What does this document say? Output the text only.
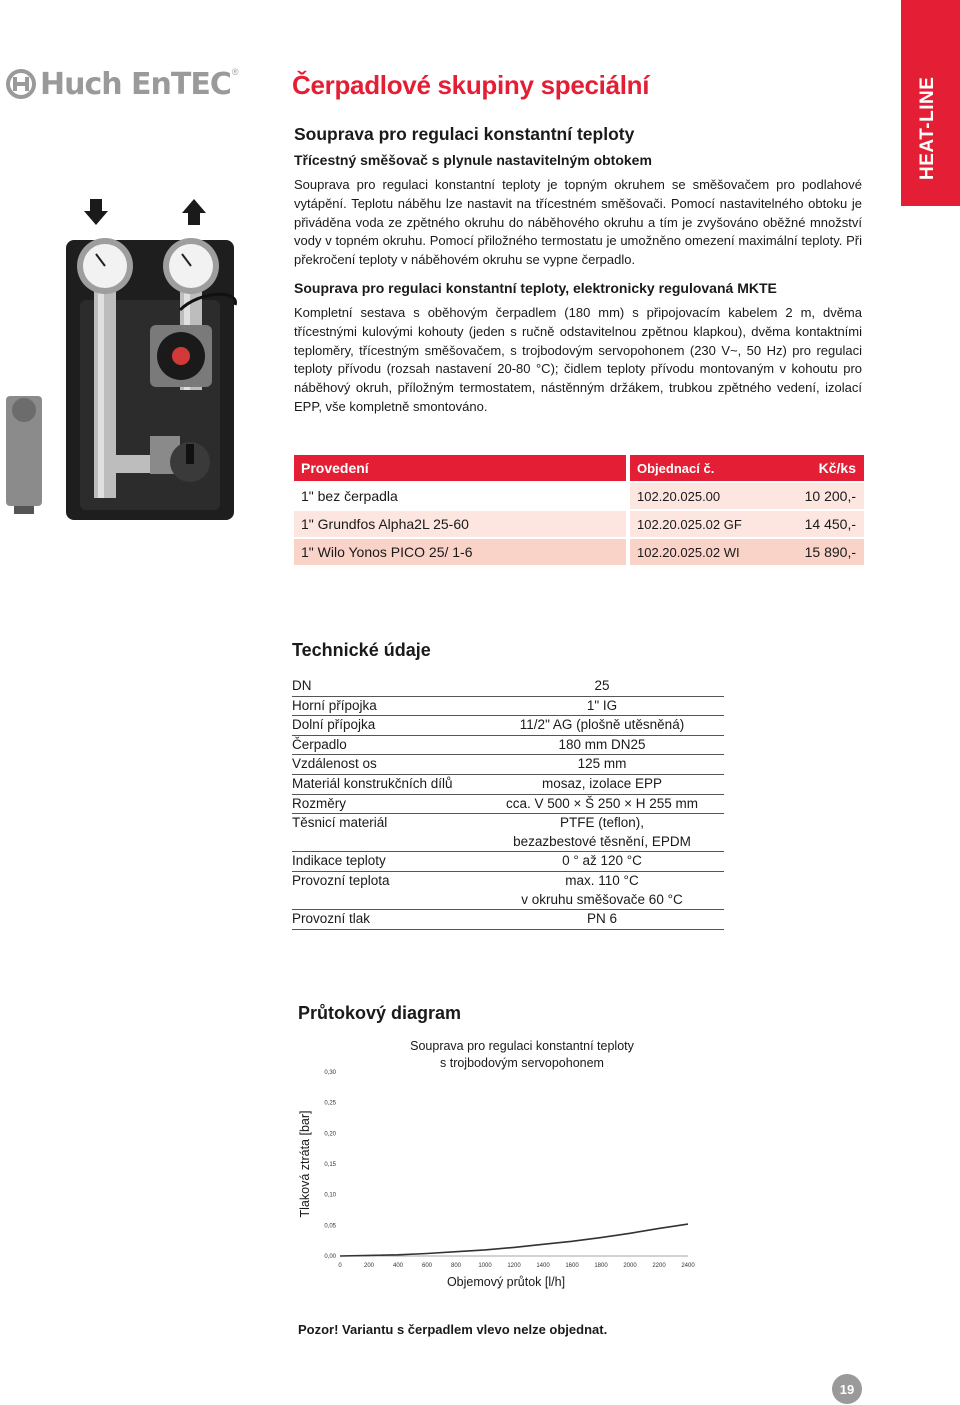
Huch EnTEC ®
HEAT-LINE
Čerpadlové skupiny speciální
Souprava pro regulaci konstantní teploty
Třícestný směšovač s plynule nastavitelným obtokem

Souprava pro regulaci konstantní teploty je topným okruhem se směšovačem pro podlahové vytápění. Teplotu náběhu lze nastavit na třícestném směšovači. Pomocí nastavitelného obtoku je přiváděna voda ze zpětného okruhu do náběhového okruhu a tím je zvyšováno oběžné množství vody v topném okruhu. Pomocí přiložného termostatu je umožněno omezení maximální teploty. Při překročení teploty v náběhovém okruhu se vypne čerpadlo.

Souprava pro regulaci konstantní teploty, elektronicky regulovaná MKTE

Kompletní sestava s oběhovým čerpadlem (180 mm) s připojovacím kabelem 2 m, dvěma třícestnými kulovými kohouty (jeden s ručně odstavitelnou zpětnou klapkou), dvěma kontaktními teploměry, třícestným směšovačem, s trojbodovým servopohonem (230 V~, 50 Hz) pro regulaci teploty přívodu (rozsah nastavení 20-80 °C); čidlem teploty přívodu montovaným v kohoutu pro náběhový okruh, příložným termostatem, nástěnným držákem, trubkou zpětného vedení, izolací EPP, vše kompletně smontováno.

Provedení	Objednací č.	Kč/ks
1" bez čerpadla	102.20.025.00	10 200,-
1" Grundfos Alpha2L 25-60	102.20.025.02 GF	14 450,-
1" Wilo Yonos PICO 25/ 1-6	102.20.025.02 WI	15 890,-
Technické údaje
DN	25
Horní přípojka	1" IG
Dolní přípojka	11/2" AG (plošně utěsněná)
Čerpadlo	180 mm DN25
Vzdálenost os	125 mm
Materiál konstrukčních dílů	mosaz, izolace EPP
Rozměry	cca. V 500 × Š 250 × H 255 mm
Těsnicí materiál	PTFE (teflon),
bezazbestové těsnění, EPDM
Indikace teploty	0 ° až 120 °C
Provozní teplota	max. 110 °C
v okruhu směšovače 60 °C
Provozní tlak	PN 6
Průtokový diagram
Souprava pro regulaci konstantní teploty
s trojbodovým servopohonem
0,00
0,05
0,10
0,15
0,20
0,25
0,30
0	200	400	600	800	1000	1200	1400	1600	1800	2000	2200	2400
Objemový průtok [l/h]
Tlaková ztráta [bar]
Pozor! Variantu s čerpadlem vlevo nelze objednat.
19
